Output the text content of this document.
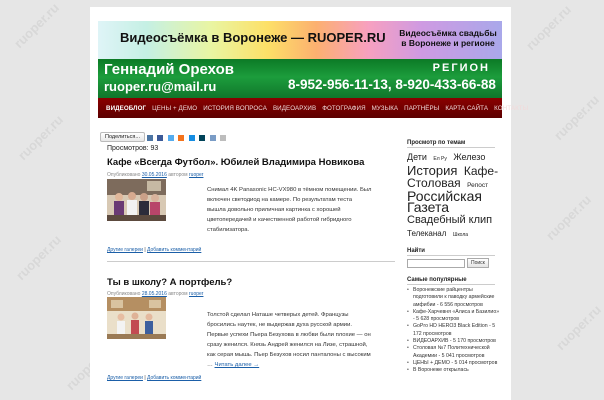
ruoper.ru
ruoper.ru
ruoper.ru
ruoper.ru
ruoper.ru
ruoper.ru
ruoper.ru
ruoper.ru
Видеосъёмка в Воронеже — RUOPER.RU Видеосъёмка свадьбы в Воронеже и регионе
Геннадий Орехов
ruoper.ru@mail.ru
РЕГИОН
8-952-956-11-13, 8-920-433-66-88
ВИДЕОБЛОГ ЦЕНЫ + ДЕМО ИСТОРИЯ ВОПРОСА ВИДЕОАРХИВ ФОТОГРАФИЯ МУЗЫКА ПАРТНЁРЫ КАРТА САЙТА КОНТАКТЫ
Поделиться...

Просмотров: 93
Кафе «Всегда Футбол». Юбилей Владимира Новикова
Опубликовано 30.05.2016 автором ruoper
Снимал 4K Panasonic HC-VX980 в тёмном помещении. Был включен светодиод на камере. По результатам теста вышла довольно приличная картинка с хорошей цветопередачей и качественной работой гибридного стабилизатора.
Другие галереи | Добавить комментарий
Ты в школу? А портфель?
Опубликовано 28.05.2016 автором ruoper
Толстой сделал Наташе четверых детей. Французы бросились наутек, не выдержав духа русской армии. Первые успехи Пьера Безухова в любви были плохие — он сразу женился. Князь Андрей женился на Лизе, страшной, как серая мышь. Пьер Безухов носил панталоны с высоким … Читать далее →
Другие галереи | Добавить комментарий
Просмотр по темам
Дети Ел Ру Железо История Кафе-Столовая Репост Российская Газета Свадебный клип Телеканал Школа
Найти
Поиск
Самые популярные
• Воронежские райцентры подготовили к паводку армейские амфибии - 6 556 просмотров
• Кафе-Харчевня «Алиса и Базилио» - 5 628 просмотров
• GoPro HD HERO3 Black Edition - 5 172 просмотров
• ВИДЕОАРХИВ - 5 170 просмотров
• Столовая №7 Политехнической Академии - 5 041 просмотров
• ЦЕНЫ + ДЕМО - 5 014 просмотров
• В Воронеже открылась
